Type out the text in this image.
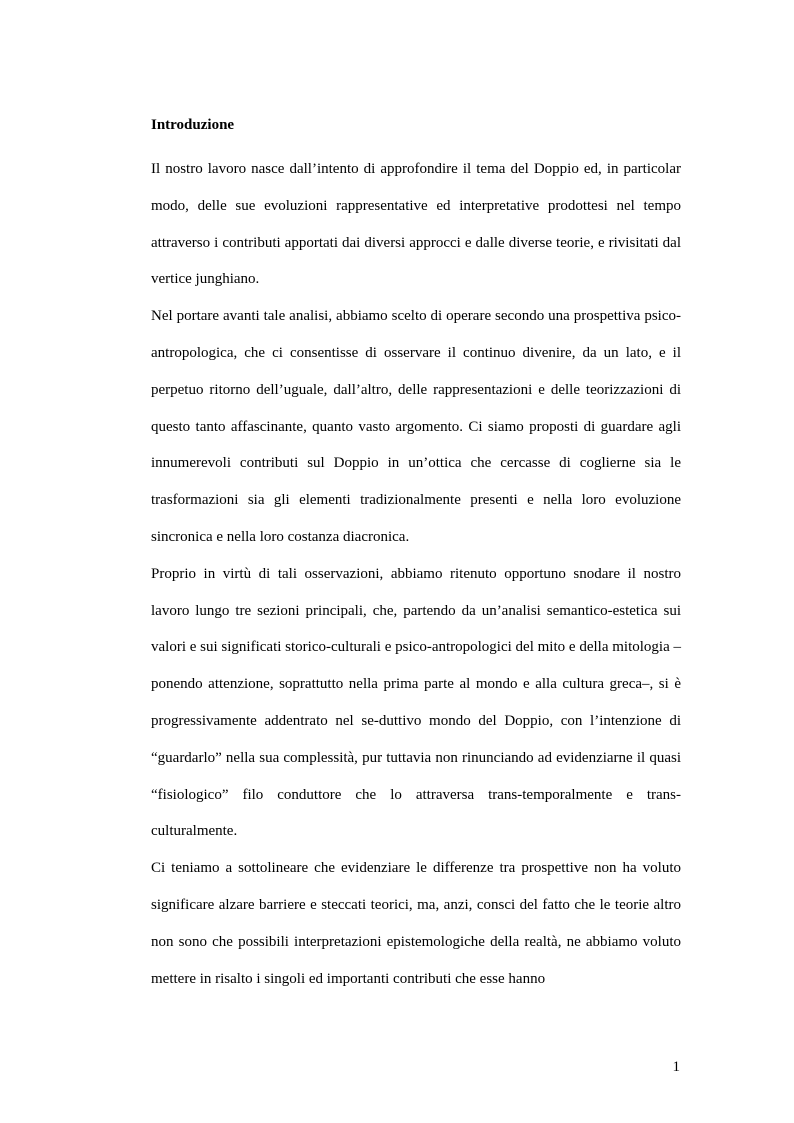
Introduzione

Il nostro lavoro nasce dall’intento di approfondire il tema del Doppio ed, in particolar modo, delle sue evoluzioni rappresentative ed interpretative prodottesi nel tempo attraverso i contributi apportati dai diversi approcci e dalle diverse teorie, e rivisitati dal vertice junghiano.

Nel portare avanti tale analisi, abbiamo scelto di operare secondo una prospettiva psico-antropologica, che ci consentisse di osservare il continuo divenire, da un lato, e il perpetuo ritorno dell’uguale, dall’altro, delle rappresentazioni e delle teorizzazioni di questo tanto affascinante, quanto vasto argomento. Ci siamo proposti di guardare agli innumerevoli contributi sul Doppio in un’ottica che cercasse di coglierne sia le trasformazioni sia gli elementi tradizionalmente presenti e nella loro evoluzione sincronica e nella loro costanza diacronica.

Proprio in virtù di tali osservazioni, abbiamo ritenuto opportuno snodare il nostro lavoro lungo tre sezioni principali, che, partendo da un’analisi semantico-estetica sui valori e sui significati storico-culturali e psico-antropologici del mito e della mitologia –ponendo attenzione, soprattutto nella prima parte al mondo e alla cultura greca–, si è progressivamente addentrato nel se-duttivo mondo del Doppio, con l’intenzione di “guardarlo” nella sua complessità, pur tuttavia non rinunciando ad evidenziarne il quasi “fisiologico” filo conduttore che lo attraversa trans-temporalmente e trans-culturalmente.

Ci teniamo a sottolineare che evidenziare le differenze tra prospettive non ha voluto significare alzare barriere e steccati teorici, ma, anzi, consci del fatto che le teorie altro non sono che possibili interpretazioni epistemologiche della realtà, ne abbiamo voluto mettere in risalto i singoli ed importanti contributi che esse hanno

1
